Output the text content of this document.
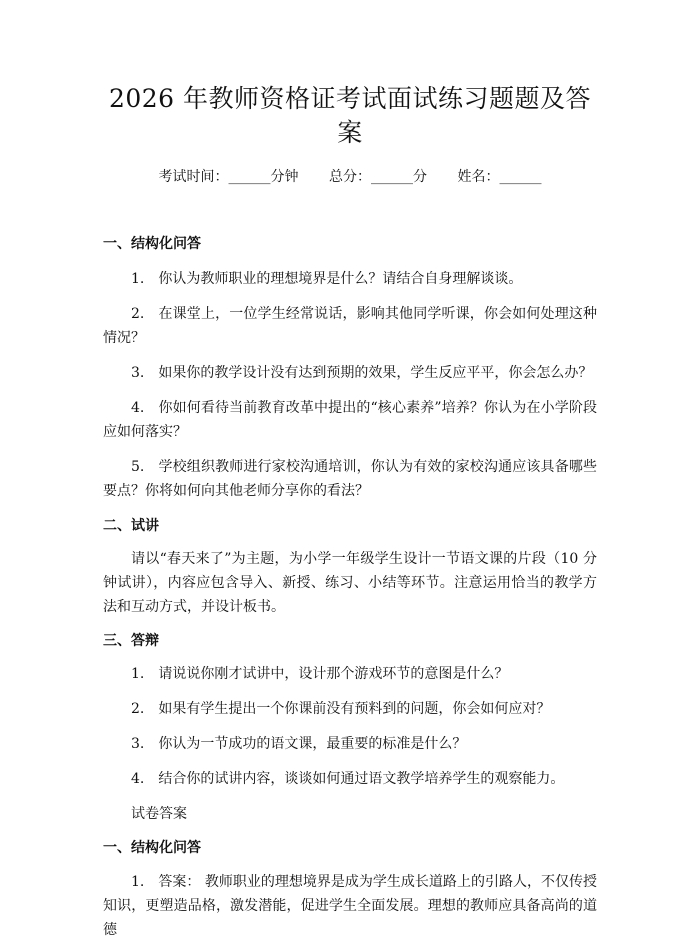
2026 年教师资格证考试面试练习题题及答案
考试时间：______分钟 总分：______分 姓名：______
一、结构化问答
1. 你认为教师职业的理想境界是什么？请结合自身理解谈谈。
2. 在课堂上，一位学生经常说话，影响其他同学听课，你会如何处理这种情况？
3. 如果你的教学设计没有达到预期的效果，学生反应平平，你会怎么办？
4. 你如何看待当前教育改革中提出的“核心素养”培养？你认为在小学阶段应如何落实？
5. 学校组织教师进行家校沟通培训，你认为有效的家校沟通应该具备哪些要点？你将如何向其他老师分享你的看法？
二、试讲
请以“春天来了”为主题，为小学一年级学生设计一节语文课的片段（10 分钟试讲），内容应包含导入、新授、练习、小结等环节。注意运用恰当的教学方法和互动方式，并设计板书。
三、答辩
1. 请说说你刚才试讲中，设计那个游戏环节的意图是什么？
2. 如果有学生提出一个你课前没有预料到的问题，你会如何应对？
3. 你认为一节成功的语文课，最重要的标准是什么？
4. 结合你的试讲内容，谈谈如何通过语文教学培养学生的观察能力。
试卷答案
一、结构化问答
1. 答案： 教师职业的理想境界是成为学生成长道路上的引路人，不仅传授知识，更塑造品格，激发潜能，促进学生全面发展。理想的教师应具备高尚的道德
